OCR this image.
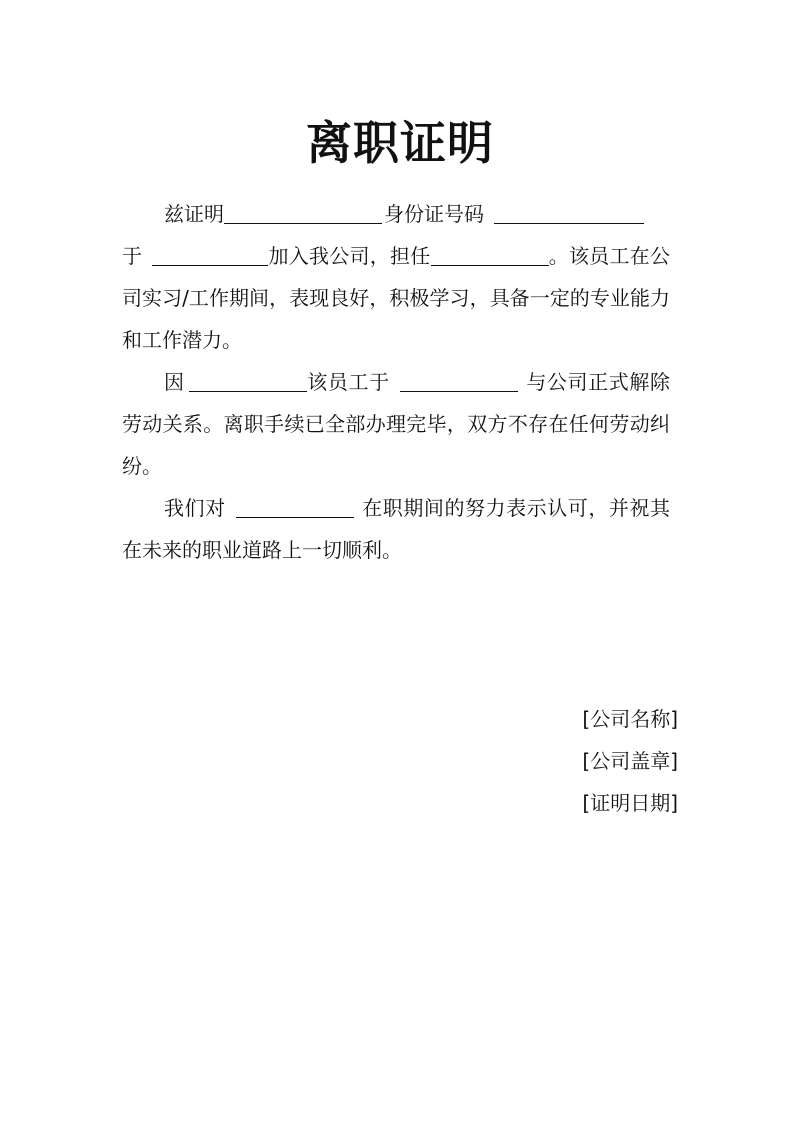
离职证明

兹证明	身份证号码
于	加入我公司，担任	。该员工在公司实习/工作期间，表现良好，积极学习，具备一定的专业能力和工作潜力。

因	该员工于	与公司正式解除劳动关系。离职手续已全部办理完毕，双方不存在任何劳动纠纷。

我们对	在职期间的努力表示认可，并祝其在未来的职业道路上一切顺利。

[公司名称]
[公司盖章]
[证明日期]
